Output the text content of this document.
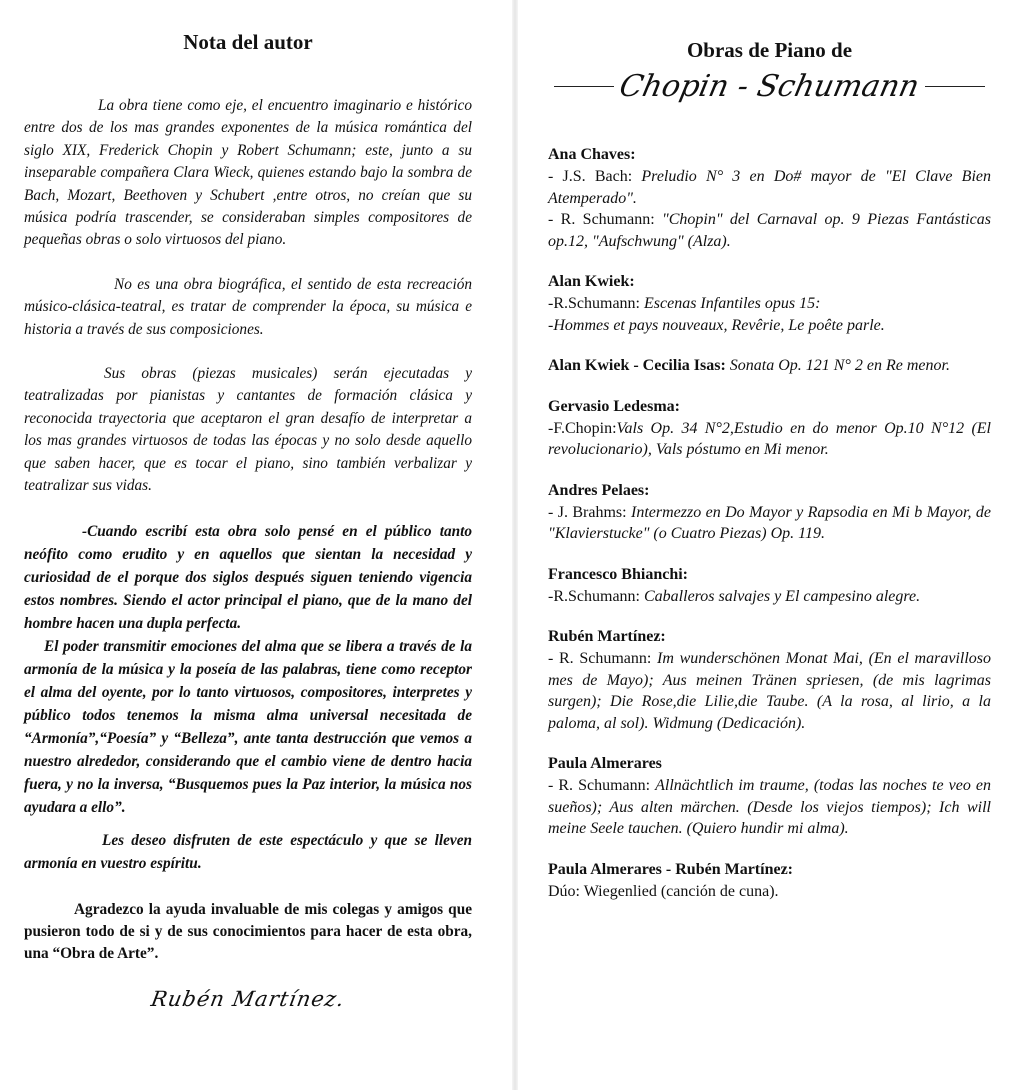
Nota del autor

La obra tiene como eje, el encuentro imaginario e histórico entre dos de los mas grandes exponentes de la música romántica del siglo XIX, Frederick Chopin y Robert Schumann; este, junto a su inseparable compañera Clara Wieck, quienes estando bajo la sombra de Bach, Mozart, Beethoven y Schubert ,entre otros, no creían que su música podría trascender, se consideraban simples compositores de pequeñas obras o solo virtuosos del piano.

No es una obra biográfica, el sentido de esta recreación músico-clásica-teatral, es tratar de comprender la época, su música e historia a través de sus composiciones.

Sus obras (piezas musicales) serán ejecutadas y teatralizadas por pianistas y cantantes de formación clásica y reconocida trayectoria que aceptaron el gran desafío de interpretar a los mas grandes virtuosos de todas las épocas y no solo desde aquello que saben hacer, que es tocar el piano, sino también verbalizar y teatralizar sus vidas.

-Cuando escribí esta obra solo pensé en el público tanto neófito como erudito y en aquellos que sientan la necesidad y curiosidad de el porque dos siglos después siguen teniendo vigencia estos nombres. Siendo el actor principal el piano, que de la mano del hombre hacen una dupla perfecta.

El poder transmitir emociones del alma que se libera a través de la armonía de la música y la poseía de las palabras, tiene como receptor el alma del oyente, por lo tanto virtuosos, compositores, interpretes y público todos tenemos la misma alma universal necesitada de “Armonía”,“Poesía” y “Belleza”, ante tanta destrucción que vemos a nuestro alrededor, considerando que el cambio viene de dentro hacia fuera, y no la inversa, “Busquemos pues la Paz interior, la música nos ayudara a ello”.

Les deseo disfruten de este espectáculo y que se lleven armonía en vuestro espíritu.

Agradezco la ayuda invaluable de mis colegas y amigos que pusieron todo de si y de sus conocimientos para hacer de esta obra, una “Obra de Arte”.

Rubén Martínez.
Obras de Piano de
Chopin - Schumann
Ana Chaves:
- J.S. Bach: Preludio N° 3 en Do# mayor de "El Clave Bien Atemperado".
- R. Schumann: "Chopin" del Carnaval op. 9 Piezas Fantásticas op.12, "Aufschwung" (Alza).
Alan Kwiek:
-R.Schumann: Escenas Infantiles opus 15:
-Hommes et pays nouveaux, Revêrie, Le poête parle.
Alan Kwiek - Cecilia Isas: Sonata Op. 121 N° 2 en Re menor.
Gervasio Ledesma:
-F.Chopin:Vals Op. 34 N°2,Estudio en do menor Op.10 N°12 (El revolucionario), Vals póstumo en Mi menor.
Andres Pelaes:
- J. Brahms: Intermezzo en Do Mayor y Rapsodia en Mi b Mayor, de "Klavierstucke" (o Cuatro Piezas) Op. 119.
Francesco Bhianchi:
-R.Schumann: Caballeros salvajes y El campesino alegre.
Rubén Martínez:
- R. Schumann: Im wunderschönen Monat Mai, (En el maravilloso mes de Mayo); Aus meinen Tränen spriesen, (de mis lagrimas surgen); Die Rose,die Lilie,die Taube. (A la rosa, al lirio, a la paloma, al sol). Widmung (Dedicación).
Paula Almerares
- R. Schumann: Allnächtlich im traume, (todas las noches te veo en sueños); Aus alten märchen. (Desde los viejos tiempos); Ich will meine Seele tauchen. (Quiero hundir mi alma).
Paula Almerares - Rubén Martínez:
Dúo: Wiegenlied (canción de cuna).
